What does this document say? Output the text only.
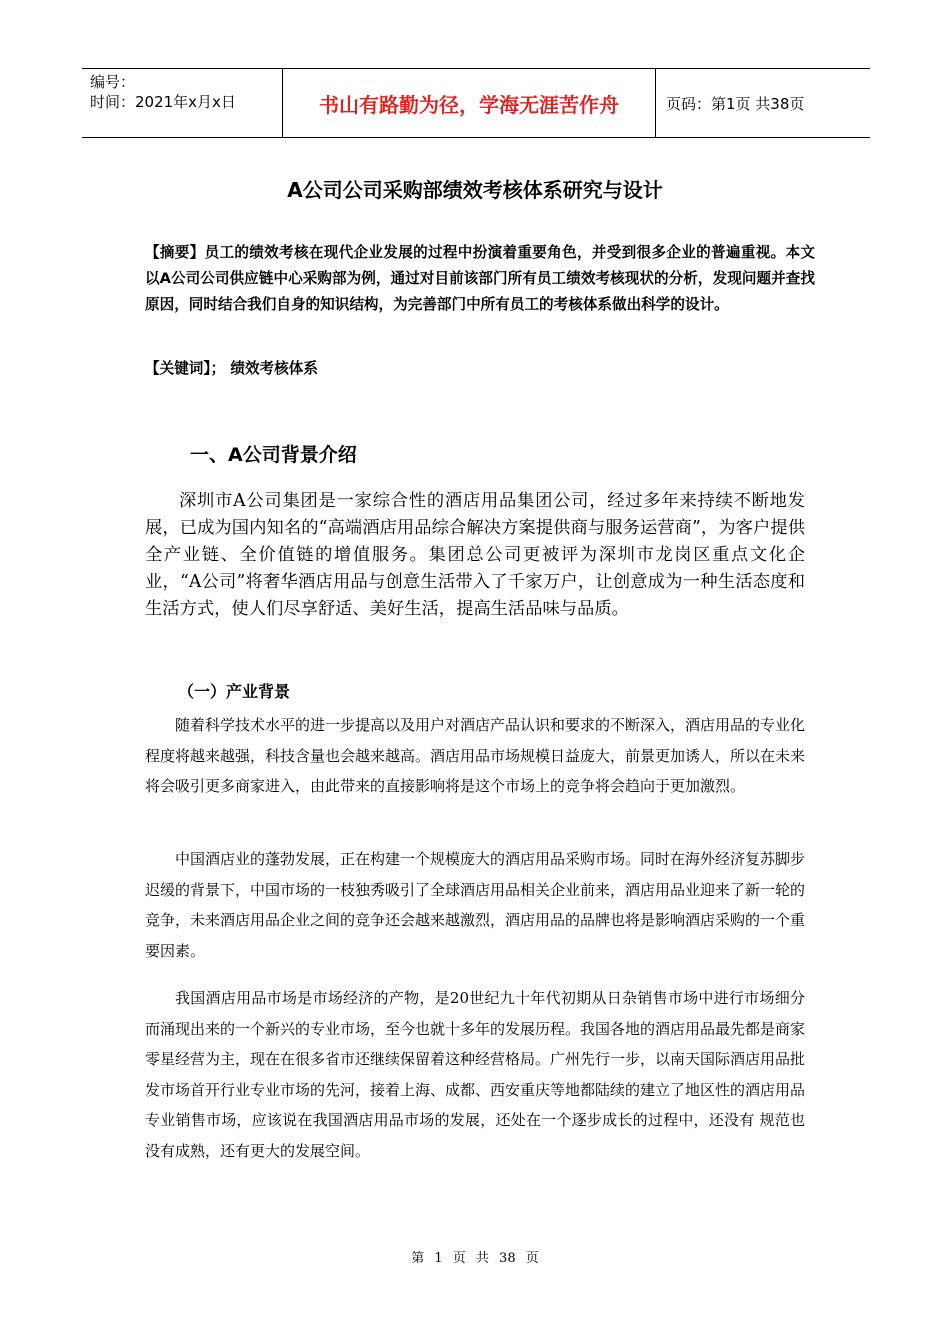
编号：
时间：2021年x月x日	书山有路勤为径，学海无涯苦作舟	页码：第1页 共38页
A公司公司采购部绩效考核体系研究与设计
【摘要】员工的绩效考核在现代企业发展的过程中扮演着重要角色，并受到很多企业的普遍重视。本文以A公司公司供应链中心采购部为例，通过对目前该部门所有员工绩效考核现状的分析，发现问题并查找原因，同时结合我们自身的知识结构，为完善部门中所有员工的考核体系做出科学的设计。
【关键词】； 绩效考核体系
一、A公司背景介绍

深圳市A公司集团是一家综合性的酒店用品集团公司，经过多年来持续不断地发展，已成为国内知名的“高端酒店用品综合解决方案提供商与服务运营商”，为客户提供全产业链、全价值链的增值服务。集团总公司更被评为深圳市龙岗区重点文化企业，“A公司”将奢华酒店用品与创意生活带入了千家万户，让创意成为一种生活态度和生活方式，使人们尽享舒适、美好生活，提高生活品味与品质。

（一）产业背景

随着科学技术水平的进一步提高以及用户对酒店产品认识和要求的不断深入，酒店用品的专业化程度将越来越强，科技含量也会越来越高。酒店用品市场规模日益庞大，前景更加诱人，所以在未来将会吸引更多商家进入，由此带来的直接影响将是这个市场上的竞争将会趋向于更加激烈。

中国酒店业的蓬勃发展，正在构建一个规模庞大的酒店用品采购市场。同时在海外经济复苏脚步迟缓的背景下，中国市场的一枝独秀吸引了全球酒店用品相关企业前来，酒店用品业迎来了新一轮的竞争，未来酒店用品企业之间的竞争还会越来越激烈，酒店用品的品牌也将是影响酒店采购的一个重要因素。

我国酒店用品市场是市场经济的产物，是20世纪九十年代初期从日杂销售市场中进行市场细分而涌现出来的一个新兴的专业市场，至今也就十多年的发展历程。我国各地的酒店用品最先都是商家零星经营为主，现在在很多省市还继续保留着这种经营格局。广州先行一步，以南天国际酒店用品批发市场首开行业专业市场的先河，接着上海、成都、西安重庆等地都陆续的建立了地区性的酒店用品专业销售市场，应该说在我国酒店用品市场的发展，还处在一个逐步成长的过程中，还没有 规范也没有成熟，还有更大的发展空间。

第 1 页 共 38 页
